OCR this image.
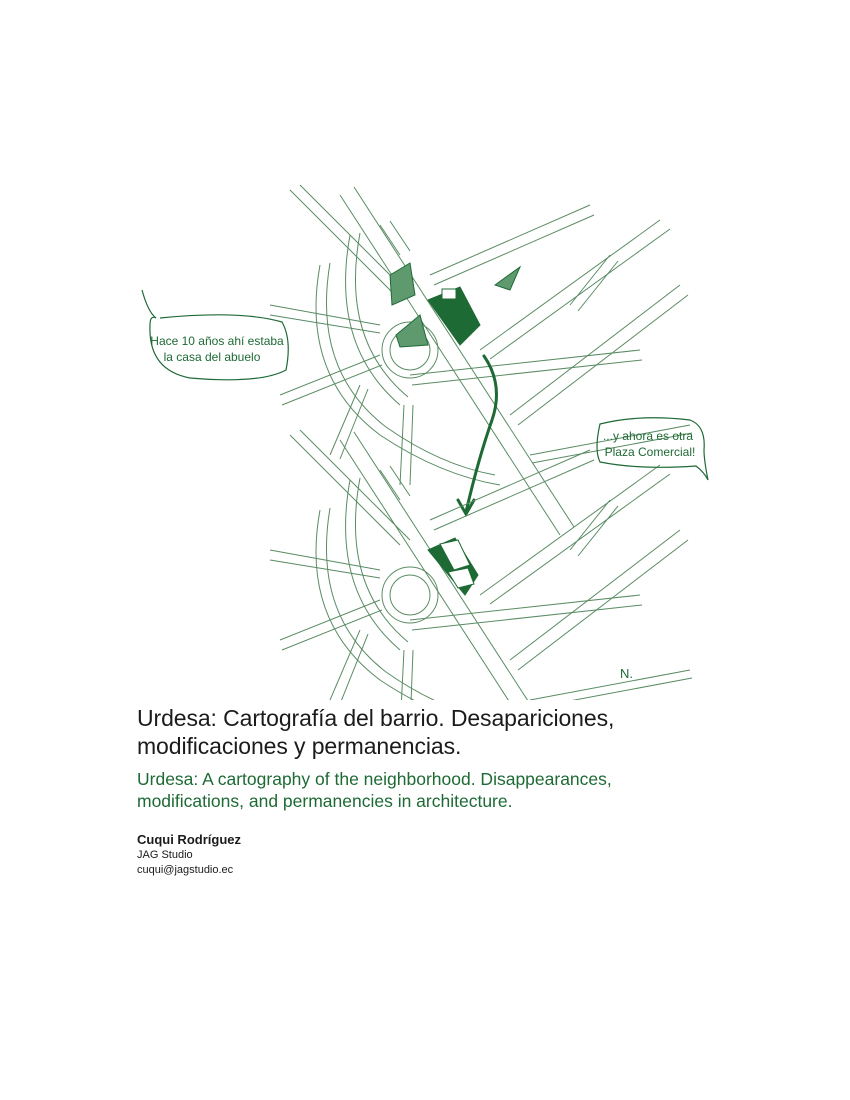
Hace 10 años ahí estaba
la casa del abuelo
...y ahora es otra
Plaza Comercial!
N.
Urdesa: Cartografía del barrio. Desapariciones,
modificaciones y permanencias.
Urdesa: A cartography of the neighborhood. Disappearances,
modifications, and permanencies in architecture.
Cuqui Rodríguez
JAG Studio
cuqui@jagstudio.ec
